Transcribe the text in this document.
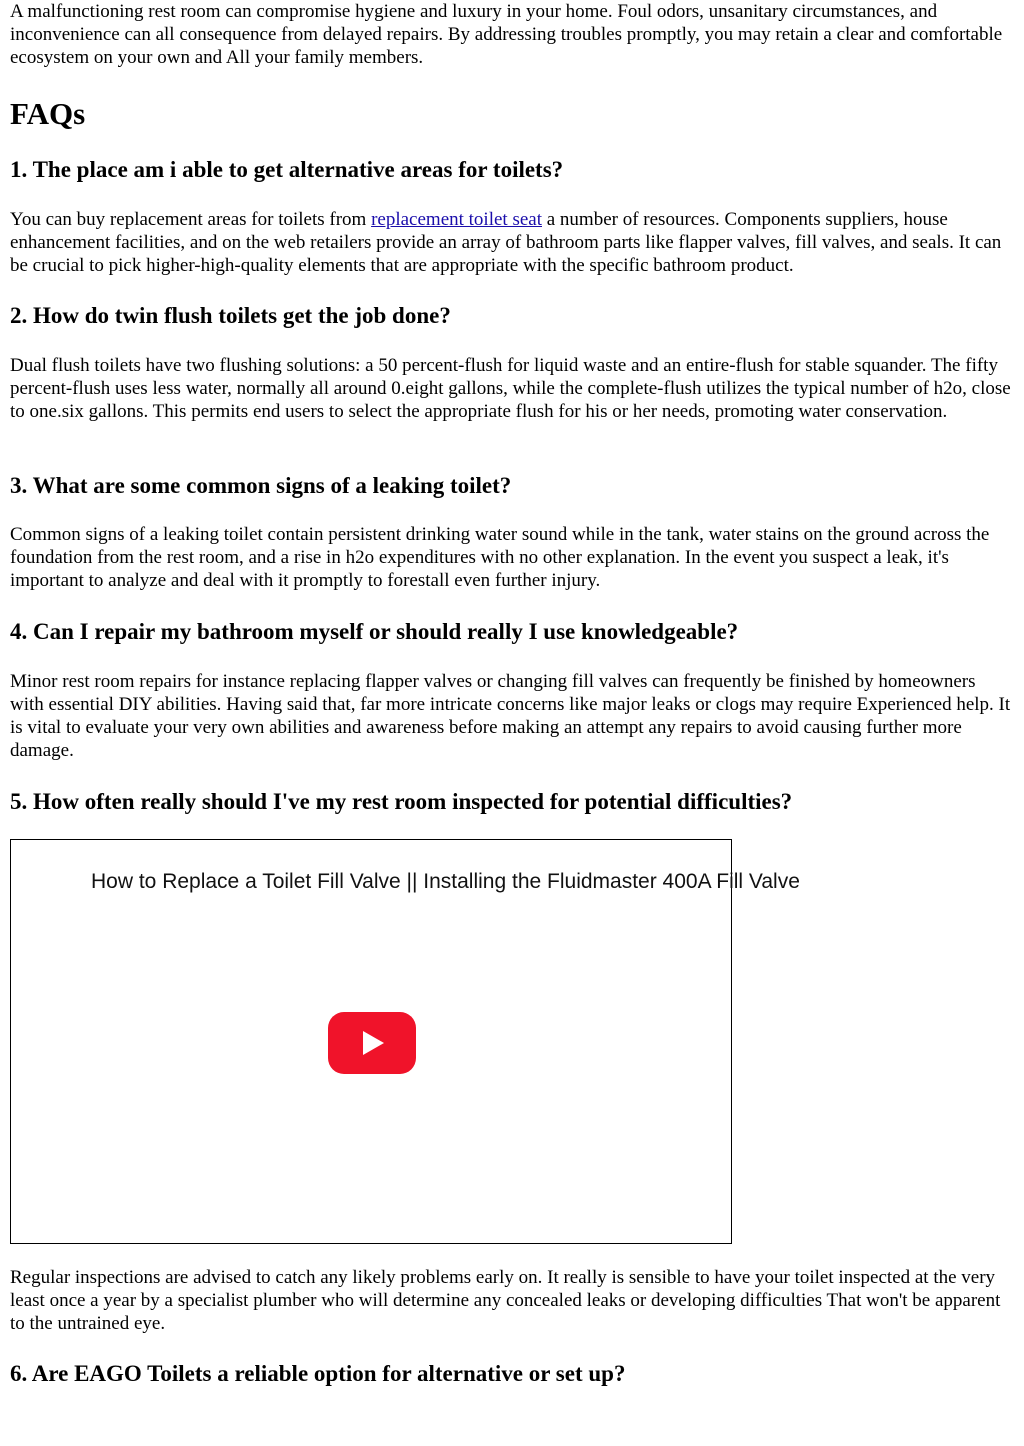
A malfunctioning rest room can compromise hygiene and luxury in your home. Foul odors, unsanitary circumstances, and inconvenience can all consequence from delayed repairs. By addressing troubles promptly, you may retain a clear and comfortable ecosystem on your own and All your family members.

FAQs
1. The place am i able to get alternative areas for toilets?

You can buy replacement areas for toilets from replacement toilet seat a number of resources. Components suppliers, house enhancement facilities, and on the web retailers provide an array of bathroom parts like flapper valves, fill valves, and seals. It can be crucial to pick higher-high-quality elements that are appropriate with the specific bathroom product.

2. How do twin flush toilets get the job done?

Dual flush toilets have two flushing solutions: a 50 percent-flush for liquid waste and an entire-flush for stable squander. The fifty percent-flush uses less water, normally all around 0.eight gallons, while the complete-flush utilizes the typical number of h2o, close to one.six gallons. This permits end users to select the appropriate flush for his or her needs, promoting water conservation.

3. What are some common signs of a leaking toilet?

Common signs of a leaking toilet contain persistent drinking water sound while in the tank, water stains on the ground across the foundation from the rest room, and a rise in h2o expenditures with no other explanation. In the event you suspect a leak, it's important to analyze and deal with it promptly to forestall even further injury.

4. Can I repair my bathroom myself or should really I use knowledgeable?

Minor rest room repairs for instance replacing flapper valves or changing fill valves can frequently be finished by homeowners with essential DIY abilities. Having said that, far more intricate concerns like major leaks or clogs may require Experienced help. It is vital to evaluate your very own abilities and awareness before making an attempt any repairs to avoid causing further more damage.

5. How often really should I've my rest room inspected for potential difficulties?
How to Replace a Toilet Fill Valve || Installing the Fluidmaster 400A Fill Valve

Regular inspections are advised to catch any likely problems early on. It really is sensible to have your toilet inspected at the very least once a year by a specialist plumber who will determine any concealed leaks or developing difficulties That won't be apparent to the untrained eye.

6. Are EAGO Toilets a reliable option for alternative or set up?
